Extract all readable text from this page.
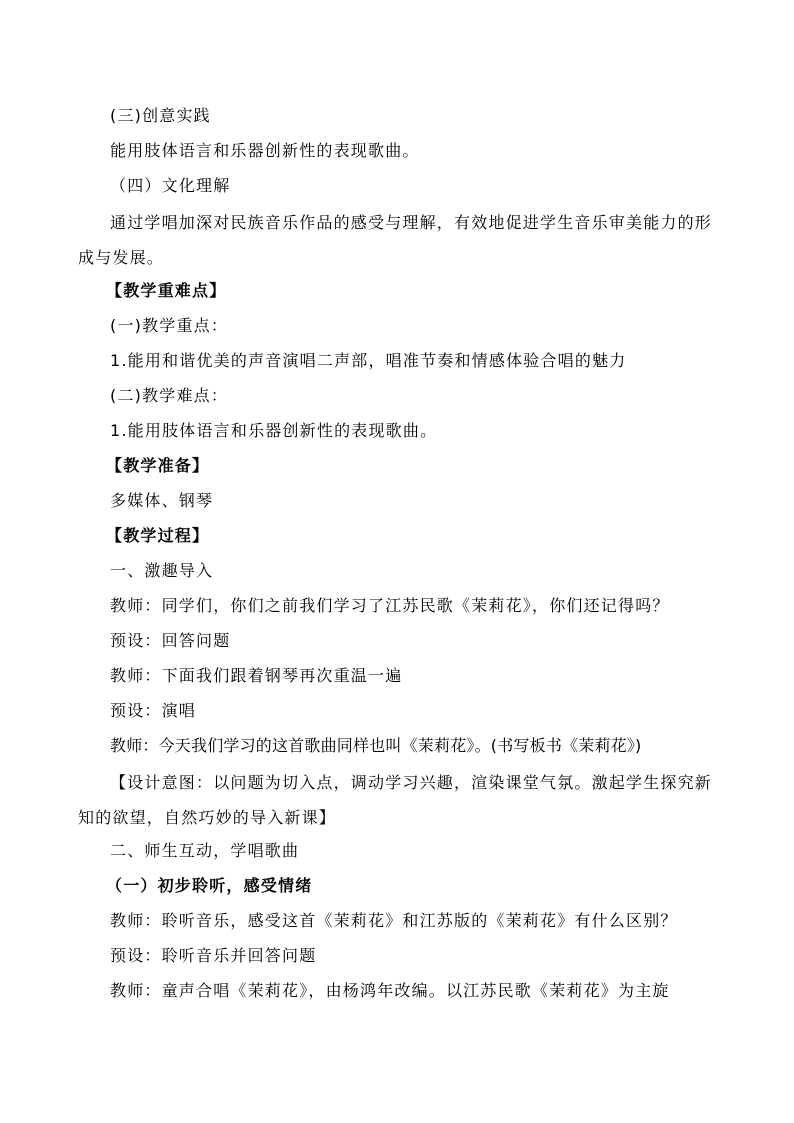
(三)创意实践

能用肢体语言和乐器创新性的表现歌曲。

（四）文化理解

通过学唱加深对民族音乐作品的感受与理解，有效地促进学生音乐审美能力的形成与发展。

【教学重难点】

(一)教学重点：

1.能用和谐优美的声音演唱二声部，唱准节奏和情感体验合唱的魅力

(二)教学难点：

1.能用肢体语言和乐器创新性的表现歌曲。

【教学准备】

多媒体、钢琴

【教学过程】

一、激趣导入

教师：同学们，你们之前我们学习了江苏民歌《茉莉花》，你们还记得吗？

预设：回答问题

教师：下面我们跟着钢琴再次重温一遍

预设：演唱

教师：今天我们学习的这首歌曲同样也叫《茉莉花》。(书写板书《茉莉花》)

【设计意图：以问题为切入点，调动学习兴趣，渲染课堂气氛。激起学生探究新知的欲望，自然巧妙的导入新课】

二、师生互动，学唱歌曲

（一）初步聆听，感受情绪

教师：聆听音乐，感受这首《茉莉花》和江苏版的《茉莉花》有什么区别？

预设：聆听音乐并回答问题

教师：童声合唱《茉莉花》，由杨鸿年改编。以江苏民歌《茉莉花》为主旋
